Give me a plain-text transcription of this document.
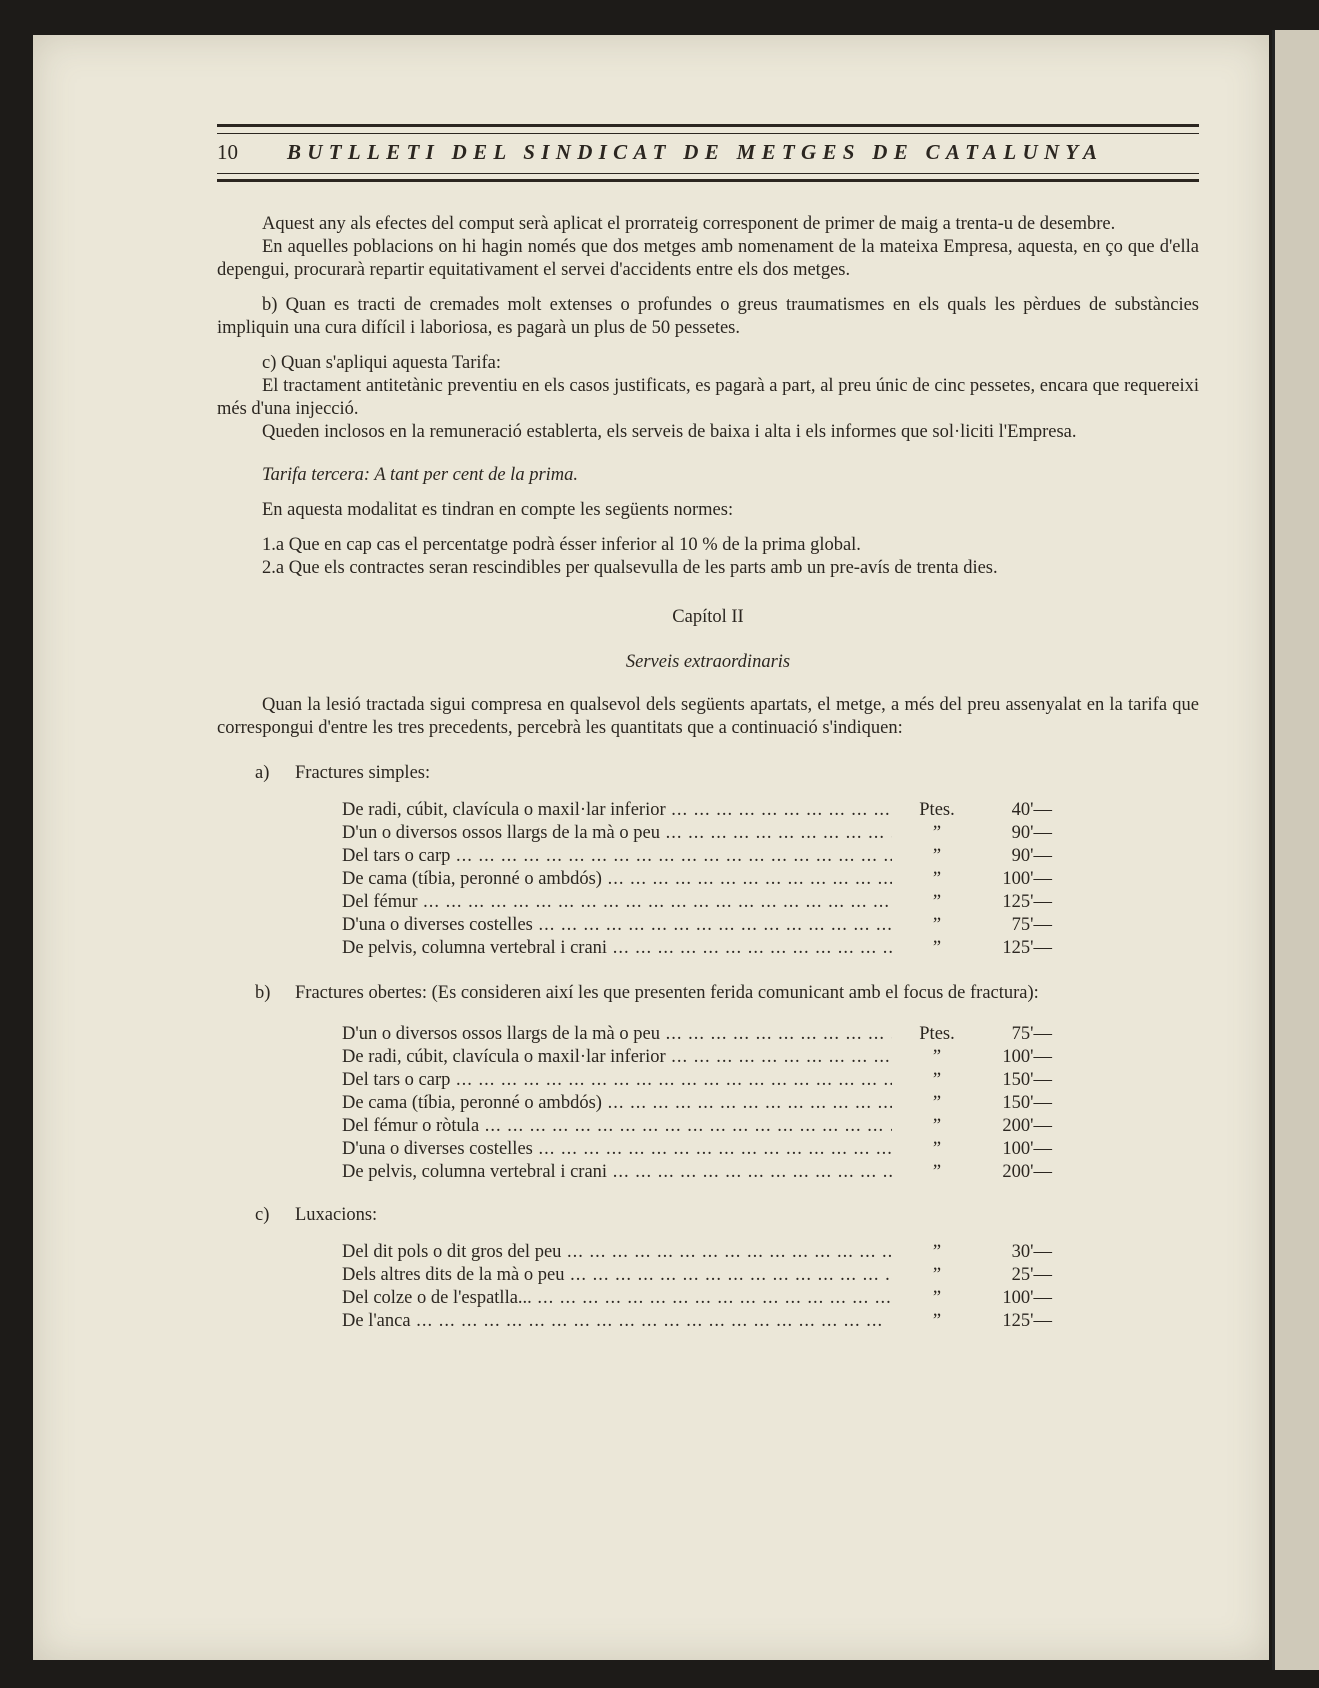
10	BUTLLETI DEL SINDICAT DE METGES DE CATALUNYA

Aquest any als efectes del comput serà aplicat el prorrateig corresponent de primer de maig a trenta-u de desembre.

En aquelles poblacions on hi hagin només que dos metges amb nomenament de la mateixa Empresa, aquesta, en ço que d'ella depengui, procurarà repartir equitativament el servei d'accidents entre els dos metges.

b) Quan es tracti de cremades molt extenses o profundes o greus traumatismes en els quals les pèrdues de substàncies impliquin una cura difícil i laboriosa, es pagarà un plus de 50 pessetes.

c) Quan s'apliqui aquesta Tarifa:

El tractament antitetànic preventiu en els casos justificats, es pagarà a part, al preu únic de cinc pessetes, encara que requereixi més d'una injecció.

Queden inclosos en la remuneració establerta, els serveis de baixa i alta i els informes que sol·liciti l'Empresa.

Tarifa tercera: A tant per cent de la prima.

En aquesta modalitat es tindran en compte les següents normes:

1.a Que en cap cas el percentatge podrà ésser inferior al 10 % de la prima global.

2.a Que els contractes seran rescindibles per qualsevulla de les parts amb un pre-avís de trenta dies.

Capítol II

Serveis extraordinaris

Quan la lesió tractada sigui compresa en qualsevol dels següents apartats, el metge, a més del preu assenyalat en la tarifa que correspongui d'entre les tres precedents, percebrà les quantitats que a continuació s'indiquen:

a)	Fractures simples:
De radi, cúbit, clavícula o maxil·lar inferior ... .	Ptes.	40'—
D'un o diversos ossos llargs de la mà o peu ... .	”	90'—
Del tars o carp ... .	”	90'—
De cama (tíbia, peronné o ambdós) ... .	”	100'—
Del fémur ... .	”	125'—
D'una o diverses costelles ... .	”	75'—
De pelvis, columna vertebral i crani ... .	”	125'—
b)	Fractures obertes: (Es consideren així les que presenten ferida comunicant amb el focus de fractura):
D'un o diversos ossos llargs de la mà o peu ... .	Ptes.	75'—
De radi, cúbit, clavícula o maxil·lar inferior ... .	”	100'—
Del tars o carp ... .	”	150'—
De cama (tíbia, peronné o ambdós) ... .	”	150'—
Del fémur o ròtula ... .	”	200'—
D'una o diverses costelles ... .	”	100'—
De pelvis, columna vertebral i crani ... .	”	200'—
c)	Luxacions:
Del dit pols o dit gros del peu ... .	”	30'—
Dels altres dits de la mà o peu ... .	”	25'—
Del colze o de l'espatlla... ... .	”	100'—
De l'anca ... .	”	125'—
